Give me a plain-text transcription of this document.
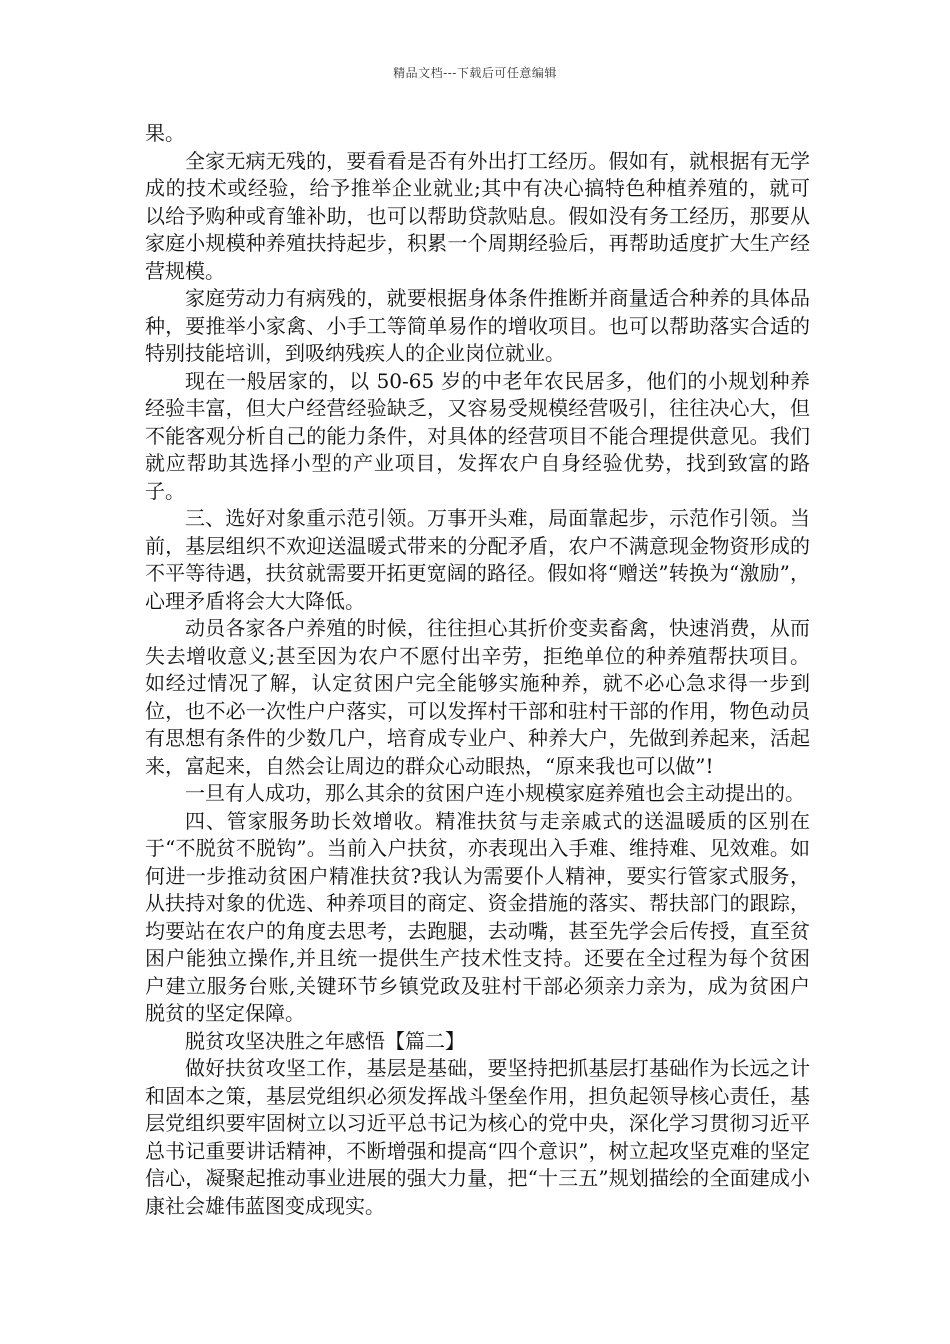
精品文档---下载后可任意编辑

果。

全家无病无残的，要看看是否有外出打工经历。假如有，就根据有无学成的技术或经验，给予推举企业就业;其中有决心搞特色种植养殖的，就可以给予购种或育雏补助，也可以帮助贷款贴息。假如没有务工经历，那要从家庭小规模种养殖扶持起步，积累一个周期经验后，再帮助适度扩大生产经营规模。

家庭劳动力有病残的，就要根据身体条件推断并商量适合种养的具体品种，要推举小家禽、小手工等简单易作的增收项目。也可以帮助落实合适的特别技能培训，到吸纳残疾人的企业岗位就业。

现在一般居家的，以 50-65 岁的中老年农民居多，他们的小规划种养经验丰富，但大户经营经验缺乏，又容易受规模经营吸引，往往决心大，但不能客观分析自己的能力条件，对具体的经营项目不能合理提供意见。我们就应帮助其选择小型的产业项目，发挥农户自身经验优势，找到致富的路子。

三、选好对象重示范引领。万事开头难，局面靠起步，示范作引领。当前，基层组织不欢迎送温暖式带来的分配矛盾，农户不满意现金物资形成的不平等待遇，扶贫就需要开拓更宽阔的路径。假如将“赠送”转换为“激励”，心理矛盾将会大大降低。

动员各家各户养殖的时候，往往担心其折价变卖畜禽，快速消费，从而失去增收意义;甚至因为农户不愿付出辛劳，拒绝单位的种养殖帮扶项目。如经过情况了解，认定贫困户完全能够实施种养，就不必心急求得一步到位，也不必一次性户户落实，可以发挥村干部和驻村干部的作用，物色动员有思想有条件的少数几户，培育成专业户、种养大户，先做到养起来，活起来，富起来，自然会让周边的群众心动眼热，“原来我也可以做”!

一旦有人成功，那么其余的贫困户连小规模家庭养殖也会主动提出的。

四、管家服务助长效增收。精准扶贫与走亲戚式的送温暖质的区别在于“不脱贫不脱钩”。当前入户扶贫，亦表现出入手难、维持难、见效难。如何进一步推动贫困户精准扶贫?我认为需要仆人精神，要实行管家式服务，从扶持对象的优选、种养项目的商定、资金措施的落实、帮扶部门的跟踪，均要站在农户的角度去思考，去跑腿，去动嘴，甚至先学会后传授，直至贫困户能独立操作,并且统一提供生产技术性支持。还要在全过程为每个贫困户建立服务台账,关键环节乡镇党政及驻村干部必须亲力亲为，成为贫困户脱贫的坚定保障。

脱贫攻坚决胜之年感悟【篇二】

做好扶贫攻坚工作，基层是基础，要坚持把抓基层打基础作为长远之计和固本之策，基层党组织必须发挥战斗堡垒作用，担负起领导核心责任，基层党组织要牢固树立以习近平总书记为核心的党中央，深化学习贯彻习近平总书记重要讲话精神，不断增强和提高“四个意识”，树立起攻坚克难的坚定信心，凝聚起推动事业进展的强大力量，把“十三五”规划描绘的全面建成小康社会雄伟蓝图变成现实。
